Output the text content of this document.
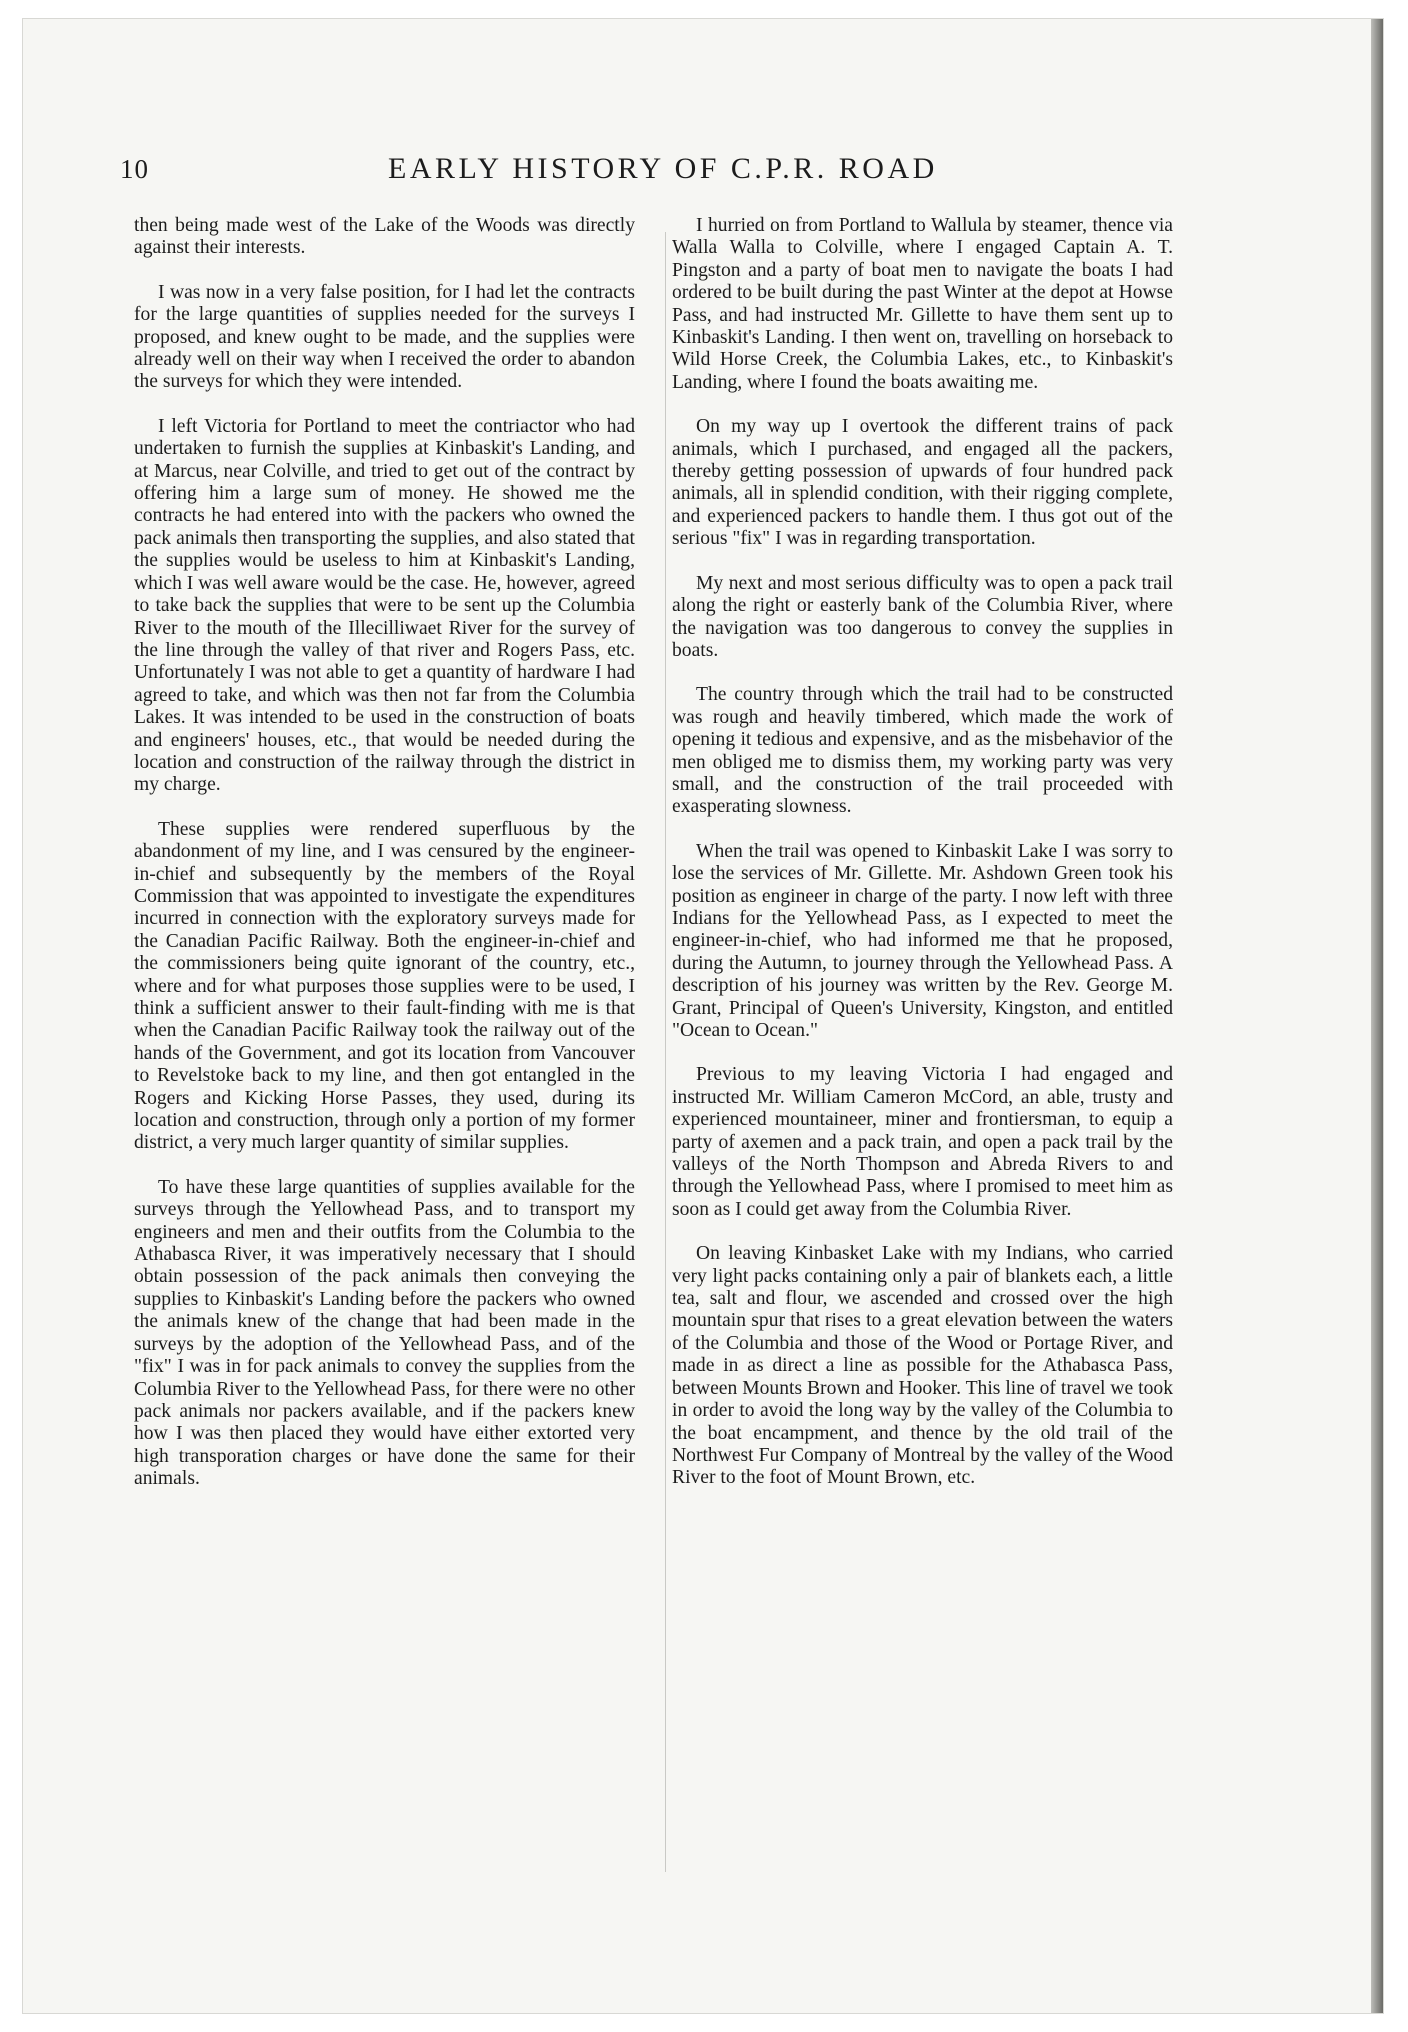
10	EARLY HISTORY OF C.P.R. ROAD

then being made west of the Lake of the Woods was directly against their interests.

I was now in a very false position, for I had let the contracts for the large quantities of supplies needed for the surveys I proposed, and knew ought to be made, and the supplies were already well on their way when I received the order to abandon the surveys for which they were intended.

I left Victoria for Portland to meet the contriactor who had undertaken to furnish the supplies at Kinbaskit's Landing, and at Marcus, near Colville, and tried to get out of the contract by offering him a large sum of money. He showed me the contracts he had entered into with the packers who owned the pack animals then transporting the supplies, and also stated that the supplies would be useless to him at Kinbaskit's Landing, which I was well aware would be the case. He, however, agreed to take back the supplies that were to be sent up the Columbia River to the mouth of the Illecilliwaet River for the survey of the line through the valley of that river and Rogers Pass, etc. Unfortunately I was not able to get a quantity of hardware I had agreed to take, and which was then not far from the Columbia Lakes. It was intended to be used in the construction of boats and engineers' houses, etc., that would be needed during the location and construction of the railway through the district in my charge.

These supplies were rendered superfluous by the abandonment of my line, and I was censured by the engineer-in-chief and subsequently by the members of the Royal Commission that was appointed to investigate the expenditures incurred in connection with the exploratory surveys made for the Canadian Pacific Railway. Both the engineer-in-chief and the commissioners being quite ignorant of the country, etc., where and for what purposes those supplies were to be used, I think a sufficient answer to their fault-finding with me is that when the Canadian Pacific Railway took the railway out of the hands of the Government, and got its location from Vancouver to Revelstoke back to my line, and then got entangled in the Rogers and Kicking Horse Passes, they used, during its location and construction, through only a portion of my former district, a very much larger quantity of similar supplies.

To have these large quantities of supplies available for the surveys through the Yellowhead Pass, and to transport my engineers and men and their outfits from the Columbia to the Athabasca River, it was imperatively necessary that I should obtain possession of the pack animals then conveying the supplies to Kinbaskit's Landing before the packers who owned the animals knew of the change that had been made in the surveys by the adoption of the Yellowhead Pass, and of the "fix" I was in for pack animals to convey the supplies from the Columbia River to the Yellowhead Pass, for there were no other pack animals nor packers available, and if the packers knew how I was then placed they would have either extorted very high transporation charges or have done the same for their animals.

I hurried on from Portland to Wallula by steamer, thence via Walla Walla to Colville, where I engaged Captain A. T. Pingston and a party of boat men to navigate the boats I had ordered to be built during the past Winter at the depot at Howse Pass, and had instructed Mr. Gillette to have them sent up to Kinbaskit's Landing. I then went on, travelling on horseback to Wild Horse Creek, the Columbia Lakes, etc., to Kinbaskit's Landing, where I found the boats awaiting me.

On my way up I overtook the different trains of pack animals, which I purchased, and engaged all the packers, thereby getting possession of upwards of four hundred pack animals, all in splendid condition, with their rigging complete, and experienced packers to handle them. I thus got out of the serious "fix" I was in regarding transportation.

My next and most serious difficulty was to open a pack trail along the right or easterly bank of the Columbia River, where the navigation was too dangerous to convey the supplies in boats.

The country through which the trail had to be constructed was rough and heavily timbered, which made the work of opening it tedious and expensive, and as the misbehavior of the men obliged me to dismiss them, my working party was very small, and the construction of the trail proceeded with exasperating slowness.

When the trail was opened to Kinbaskit Lake I was sorry to lose the services of Mr. Gillette. Mr. Ashdown Green took his position as engineer in charge of the party. I now left with three Indians for the Yellowhead Pass, as I expected to meet the engineer-in-chief, who had informed me that he proposed, during the Autumn, to journey through the Yellowhead Pass. A description of his journey was written by the Rev. George M. Grant, Principal of Queen's University, Kingston, and entitled "Ocean to Ocean."

Previous to my leaving Victoria I had engaged and instructed Mr. William Cameron McCord, an able, trusty and experienced mountaineer, miner and frontiersman, to equip a party of axemen and a pack train, and open a pack trail by the valleys of the North Thompson and Abreda Rivers to and through the Yellowhead Pass, where I promised to meet him as soon as I could get away from the Columbia River.

On leaving Kinbasket Lake with my Indians, who carried very light packs containing only a pair of blankets each, a little tea, salt and flour, we ascended and crossed over the high mountain spur that rises to a great elevation between the waters of the Columbia and those of the Wood or Portage River, and made in as direct a line as possible for the Athabasca Pass, between Mounts Brown and Hooker. This line of travel we took in order to avoid the long way by the valley of the Columbia to the boat encampment, and thence by the old trail of the Northwest Fur Company of Montreal by the valley of the Wood River to the foot of Mount Brown, etc.
